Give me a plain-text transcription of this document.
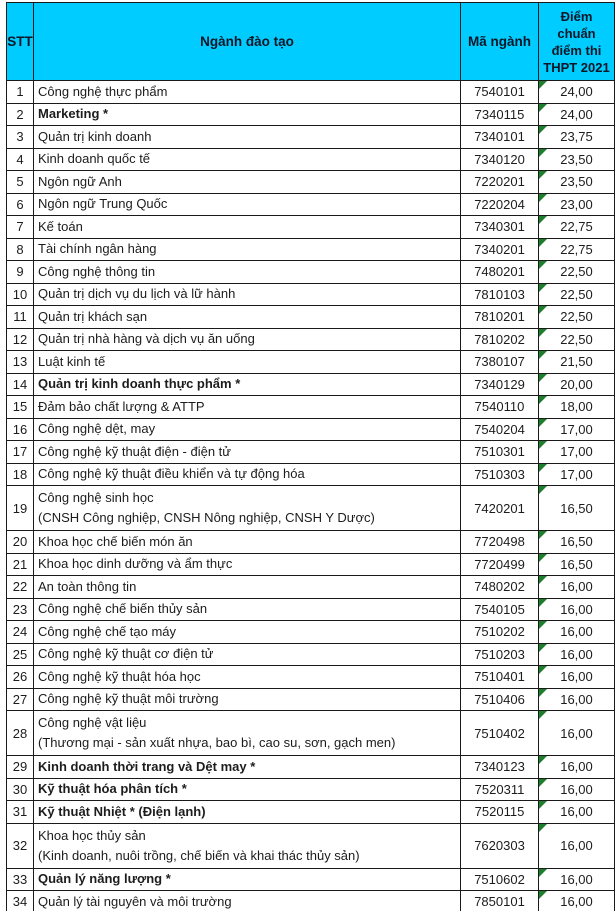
STT	Ngành đào tạo	Mã ngành	Điểm
chuẩn
điểm thi
THPT 2021

1	Công nghệ thực phẩm	7540101	24,00
2	Marketing *	7340115	24,00
3	Quản trị kinh doanh	7340101	23,75
4	Kinh doanh quốc tế	7340120	23,50
5	Ngôn ngữ Anh	7220201	23,50
6	Ngôn ngữ Trung Quốc	7220204	23,00
7	Kế toán	7340301	22,75
8	Tài chính ngân hàng	7340201	22,75
9	Công nghệ thông tin	7480201	22,50
10	Quản trị dịch vụ du lịch và lữ hành	7810103	22,50
11	Quản trị khách sạn	7810201	22,50
12	Quản trị nhà hàng và dịch vụ ăn uống	7810202	22,50
13	Luật kinh tế	7380107	21,50
14	Quản trị kinh doanh thực phẩm *	7340129	20,00
15	Đảm bảo chất lượng & ATTP	7540110	18,00
16	Công nghệ dệt, may	7540204	17,00
17	Công nghệ kỹ thuật điện - điện tử	7510301	17,00
18	Công nghệ kỹ thuật điều khiển và tự động hóa	7510303	17,00
19	Công nghệ sinh học
(CNSH Công nghiệp, CNSH Nông nghiệp, CNSH Y Dược)	7420201	16,50
20	Khoa học chế biến món ăn	7720498	16,50
21	Khoa học dinh dưỡng và ẩm thực	7720499	16,50
22	An toàn thông tin	7480202	16,00
23	Công nghệ chế biến thủy sản	7540105	16,00
24	Công nghệ chế tạo máy	7510202	16,00
25	Công nghệ kỹ thuật cơ điện tử	7510203	16,00
26	Công nghệ kỹ thuật hóa học	7510401	16,00
27	Công nghệ kỹ thuật môi trường	7510406	16,00
28	Công nghệ vật liệu
(Thương mại - sản xuất nhựa, bao bì, cao su, sơn, gạch men)	7510402	16,00
29	Kinh doanh thời trang và Dệt may *	7340123	16,00
30	Kỹ thuật hóa phân tích *	7520311	16,00
31	Kỹ thuật Nhiệt * (Điện lạnh)	7520115	16,00
32	Khoa học thủy sản
(Kinh doanh, nuôi trồng, chế biến và khai thác thủy sản)	7620303	16,00
33	Quản lý năng lượng *	7510602	16,00
34	Quản lý tài nguyên và môi trường	7850101	16,00
